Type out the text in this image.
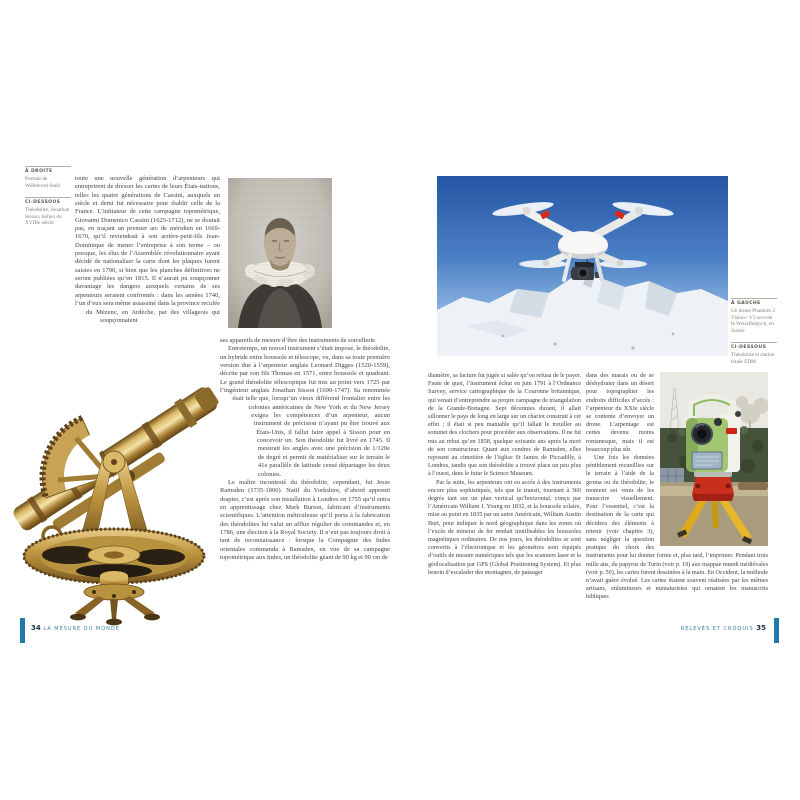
À DROITE
Portrait de Willebrord Snell
CI-DESSOUS
Théodolite, Jonathan Sisson, milieu du XVIIIe siècle

toute une nouvelle génération d’arpenteurs qui entreprirent de dresser les cartes de leurs États-nations, telles les quatre générations de Cassini, auxquels un siècle et demi fut nécessaire pour établir celle de la France. L’initiateur de cette campagne topométrique, Giovanni Domenico Cassini (1625-1712), ne se doutait pas, en traçant un premier arc de méridien en 1669-1670, qu’il reviendrait à son arrière-petit-fils Jean-Dominique de mener l’entreprise à son terme – ou presque, les élus de l’Assemblée révolutionnaire ayant décidé de nationaliser la carte dont les plaques furent saisies en 1790, si bien que les planches définitives ne seront publiées qu’en 1815. Il n’aurait pu soupçonner davantage les dangers auxquels certains de ses arpenteurs seraient confrontés : dans les années 1740, l’un d’eux sera même assassiné dans la province reculée du Mézenc, en Ardèche, par des villageois qui soupçonnaient

ses appareils de mesure d’être des instruments de sorcellerie.

Entretemps, un nouvel instrument s’était imposé, le théodolite, un hybride entre boussole et télescope, vu, dans sa toute première version due à l’arpenteur anglais Leonard Digges (1520-1559), décrite par son fils Thomas en 1571, entre boussole et quadrant. Le grand théodolite télescopique fut mis au point vers 1725 par l’ingénieur anglais Jonathan Sisson (1690-1747). Sa renommée était telle que, lorsqu’un vieux différend frontalier entre les colonies américaines de New York et du New Jersey exigea les compétences d’un arpenteur, aucun instrument de précision n’ayant pu être trouvé aux États-Unis, il fallut faire appel à Sisson pour en concevoir un. Son théodolite fut livré en 1745. Il mesurait les angles avec une précision de 1/120e de degré et permit de matérialiser sur le terrain le 41e parallèle de latitude censé départager les deux colonies.

Le maître incontesté du théodolite, cependant, fut Jesse Ramsden (1735-1800). Natif du Yorkshire, d’abord apprenti drapier, c’est après son installation à Londres en 1755 qu’il entra en apprentissage chez Mark Burton, fabricant d’instruments scientifiques. L’attention méticuleuse qu’il porta à la fabrication des théodolites lui valut un afflux régulier de commandes et, en 1786, une élection à la Royal Society. Il n’eut pas toujours droit à tant de reconnaissance : lorsque la Compagnie des Indes orientales commanda à Ramsden, en vue de sa campagne topométrique aux Indes, un théodolite géant de 90 kg et 90 cm de

34 LA MESURE DU MONDE
À GAUCHE
Un drone Phantom 2 Vision+ V3 survole le Weissfluhjoch, en Suisse
CI-DESSOUS
Théodolite et station totale EDM

diamètre, sa facture fut jugée si salée qu’on refusa de le payer. Faute de quoi, l’instrument échut en juin 1791 à l’Ordnance Survey, service cartographique de la Couronne britannique, qui venait d’entreprendre sa propre campagne de triangulation de la Grande-Bretagne. Sept décennies durant, il allait sillonner le pays de long en large sur un chariot construit à cet effet ; il était si peu maniable qu’il fallait le treuiller au sommet des clochers pour procéder aux observations. Il ne fut mis au rebut qu’en 1858, quelque soixante ans après la mort de son constructeur. Quant aux cendres de Ramsden, elles reposent au cimetière de l’église St James de Piccadilly, à Londres, tandis que son théodolite a trouvé place un peu plus à l’ouest, dans le futur le Science Museum.

Par la suite, les arpenteurs ont eu accès à des instruments encore plus sophistiqués, tels que le transit, tournant à 360 degrés tant sur un plan vertical qu’horizontal, conçu par l’Américain William J. Young en 1832, et la boussole solaire, mise au point en 1835 par un autre Américain, William Austin Burt, pour indiquer le nord géographique dans les zones où l’excès de minerai de fer rendait inutilisables les boussoles magnétiques ordinaires. De nos jours, les théodolites se sont convertis à l’électronique et les géomètres sont équipés d’outils de mesure numériques tels que les scanners laser et la géolocalisation par GPS (Global Positioning System). Et plus besoin d’escalader des montagnes, de patauger

dans des marais ou de se déshydrater dans un désert pour topographier les endroits difficiles d’accès : l’arpenteur du XXIe siècle se contente d’envoyer un drone. L’arpentage est certes devenu moins romanesque, mais il est beaucoup plus sûr.

Une fois les données péniblement recueillies sur le terrain à l’aide de la groma ou du théodolite, le moment est venu de les transcrire visuellement. Pour l’essentiel, c’est la destination de la carte qui décidera des éléments à retenir (voir chapitre 3), sans négliger la question pratique du choix des instruments pour lui donner forme et, plus tard, l’imprimer. Pendant trois mille ans, du papyrus de Turin (voir p. 19) aux mappae mundi médiévales (voir p. 50), les cartes furent dessinées à la main. En Occident, la méthode n’avait guère évolué. Les cartes étaient souvent réalisées par les mêmes artisans, enlumineurs et miniaturistes qui ornaient les manuscrits bibliques

RELEVÉS ET CROQUIS 35
